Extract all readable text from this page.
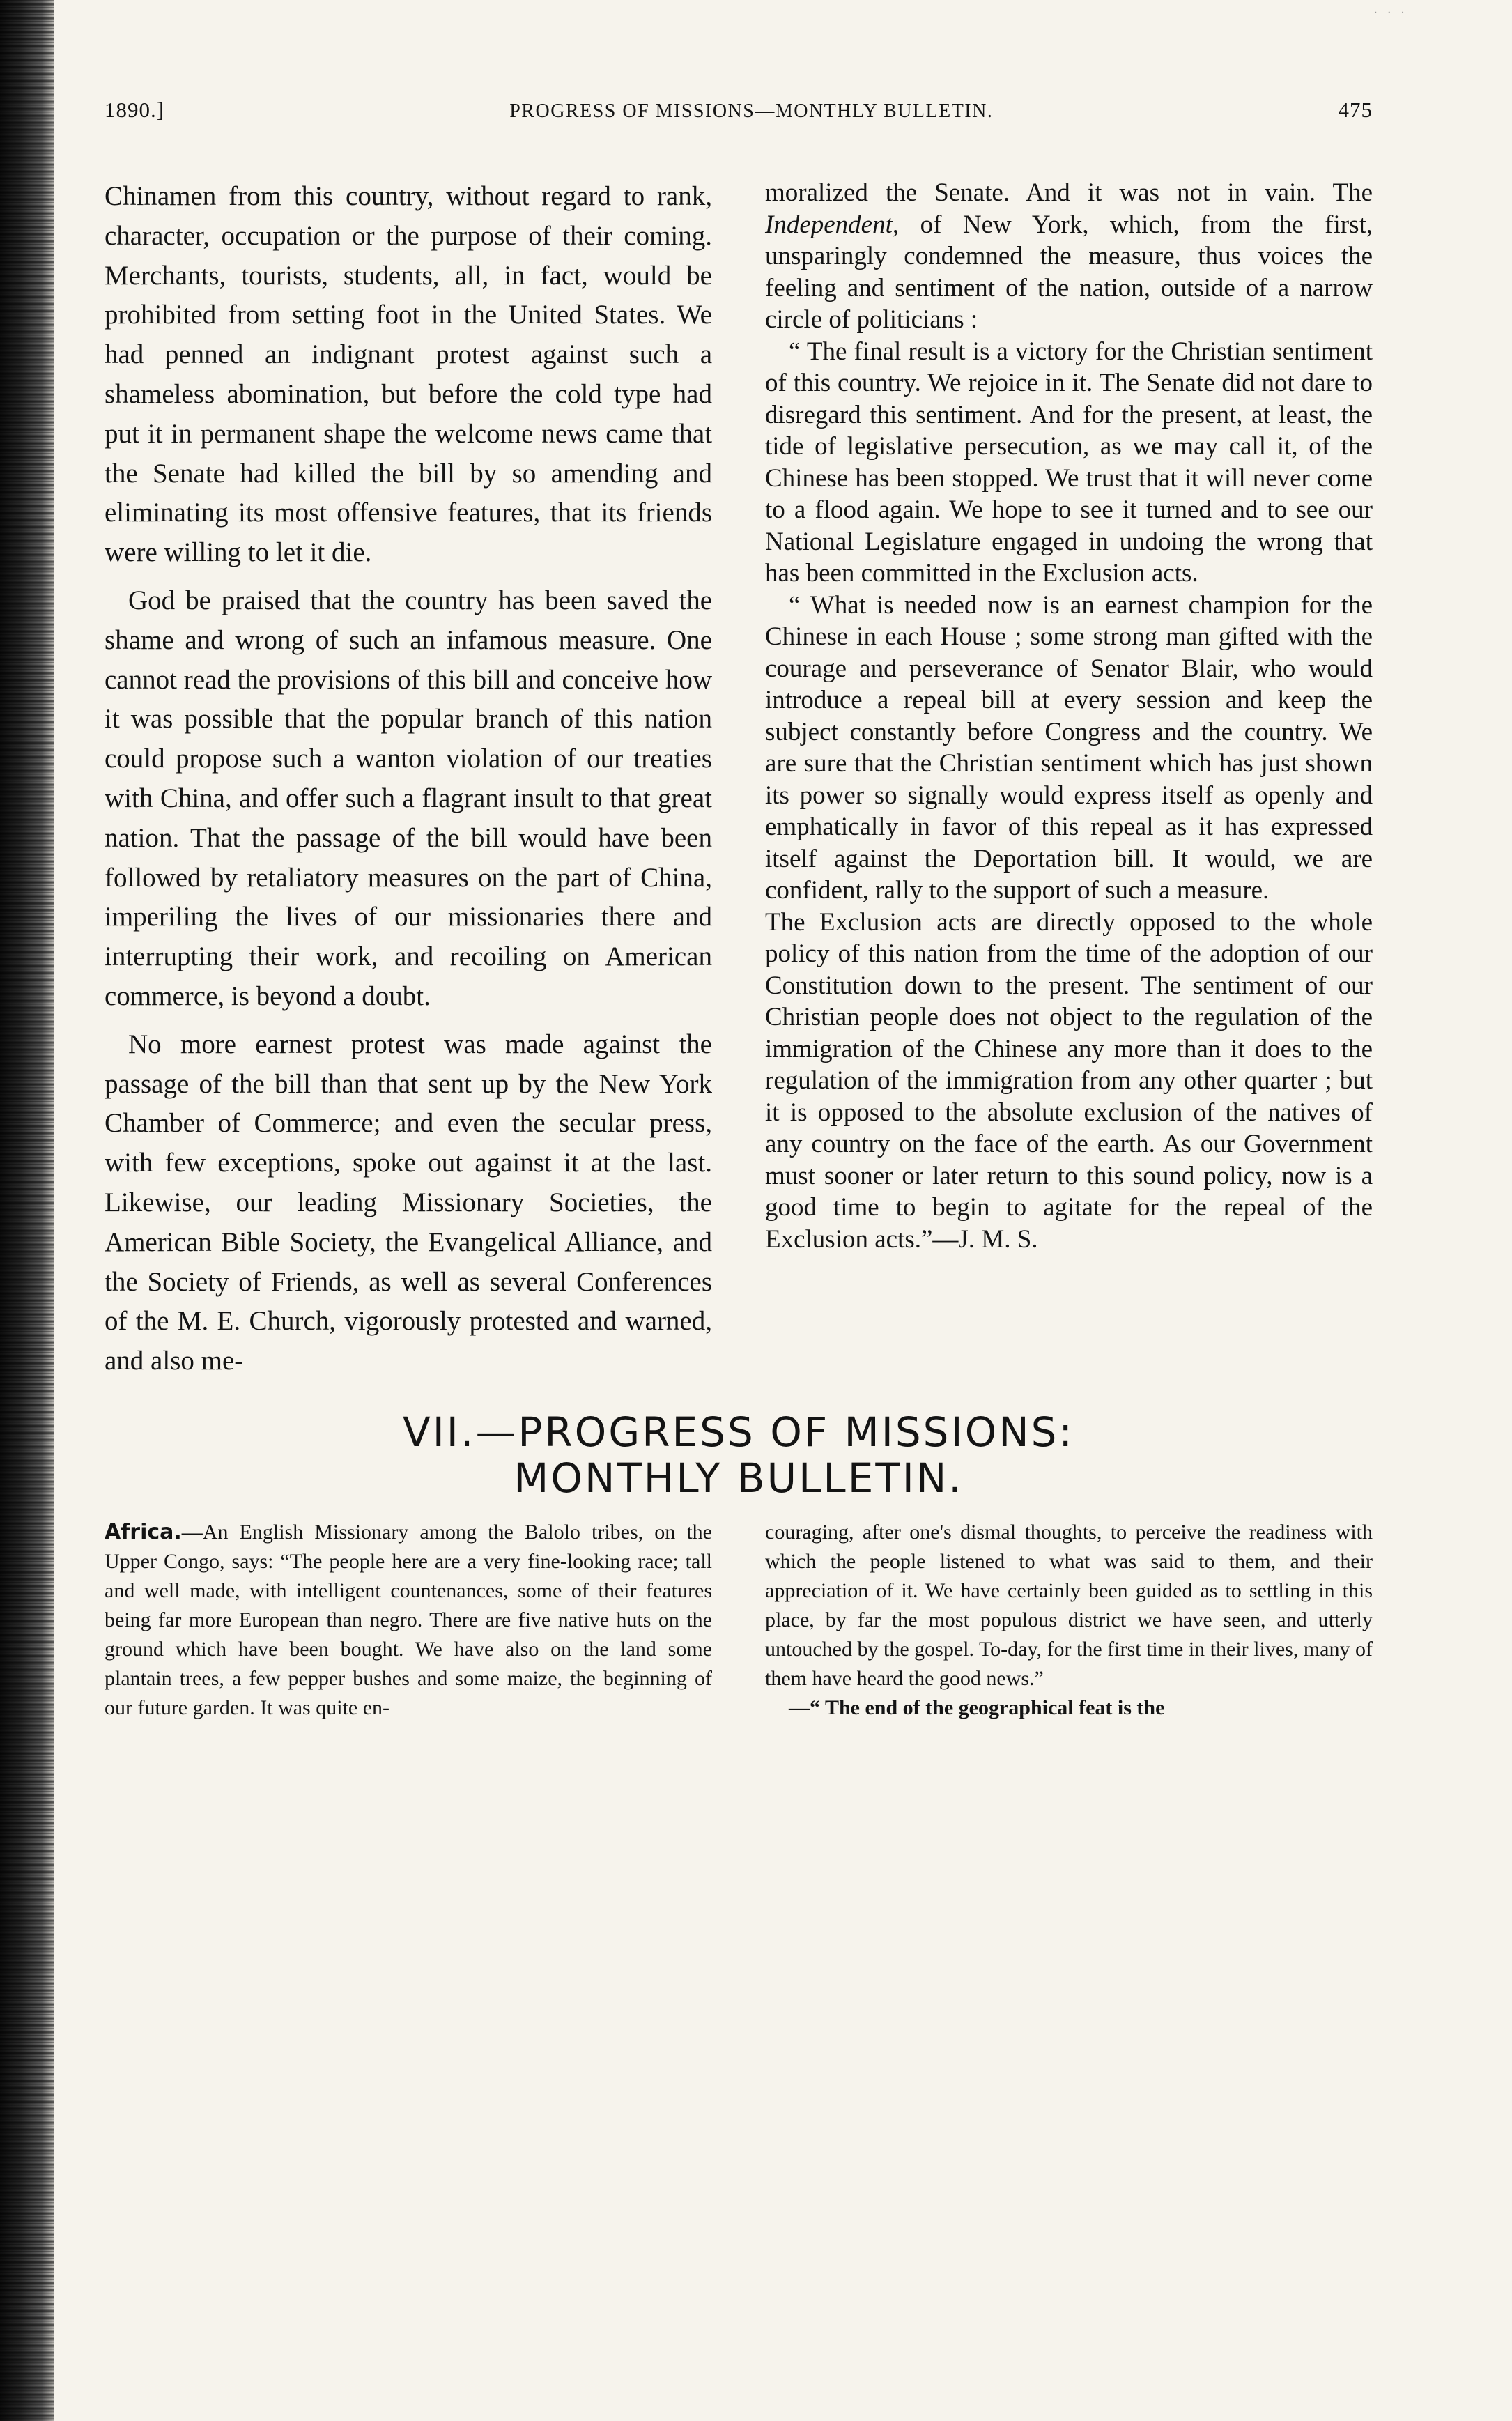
· · ·
1890.]	PROGRESS OF MISSIONS—MONTHLY BULLETIN.	475

Chinamen from this country, without regard to rank, character, occupation or the purpose of their coming. Merchants, tourists, students, all, in fact, would be prohibited from setting foot in the United States. We had penned an indignant protest against such a shameless abomination, but before the cold type had put it in permanent shape the welcome news came that the Senate had killed the bill by so amending and eliminating its most offensive features, that its friends were willing to let it die.

God be praised that the country has been saved the shame and wrong of such an infamous measure. One cannot read the provisions of this bill and conceive how it was possible that the popular branch of this nation could propose such a wanton violation of our treaties with China, and offer such a flagrant insult to that great nation. That the passage of the bill would have been followed by retaliatory measures on the part of China, imperiling the lives of our missionaries there and interrupting their work, and recoiling on American commerce, is beyond a doubt.

No more earnest protest was made against the passage of the bill than that sent up by the New York Chamber of Commerce; and even the secular press, with few exceptions, spoke out against it at the last. Likewise, our leading Missionary Societies, the American Bible Society, the Evangelical Alliance, and the Society of Friends, as well as several Conferences of the M. E. Church, vigorously protested and warned, and also me-

moralized the Senate. And it was not in vain. The Independent, of New York, which, from the first, unsparingly condemned the measure, thus voices the feeling and sentiment of the nation, outside of a narrow circle of politicians :

“ The final result is a victory for the Christian sentiment of this country. We rejoice in it. The Senate did not dare to disregard this sentiment. And for the present, at least, the tide of legislative persecution, as we may call it, of the Chinese has been stopped. We trust that it will never come to a flood again. We hope to see it turned and to see our National Legislature engaged in undoing the wrong that has been committed in the Exclusion acts.

“ What is needed now is an earnest champion for the Chinese in each House ; some strong man gifted with the courage and perseverance of Senator Blair, who would introduce a repeal bill at every session and keep the subject constantly before Congress and the country. We are sure that the Christian sentiment which has just shown its power so signally would express itself as openly and emphatically in favor of this repeal as it has expressed itself against the Deportation bill. It would, we are confident, rally to the support of such a measure.

The Exclusion acts are directly opposed to the whole policy of this nation from the time of the adoption of our Constitution down to the present. The sentiment of our Christian people does not object to the regulation of the immigration of the Chinese any more than it does to the regulation of the immigration from any other quarter ; but it is opposed to the absolute exclusion of the natives of any country on the face of the earth. As our Government must sooner or later return to this sound policy, now is a good time to begin to agitate for the repeal of the Exclusion acts.”—J. M. S.

VII.—PROGRESS OF MISSIONS:
MONTHLY BULLETIN.

Africa.—An English Missionary among the Balolo tribes, on the Upper Congo, says: “The people here are a very fine-looking race; tall and well made, with intelligent countenances, some of their features being far more European than negro. There are five native huts on the ground which have been bought. We have also on the land some plantain trees, a few pepper bushes and some maize, the beginning of our future garden. It was quite en-

couraging, after one's dismal thoughts, to perceive the readiness with which the people listened to what was said to them, and their appreciation of it. We have certainly been guided as to settling in this place, by far the most populous district we have seen, and utterly untouched by the gospel. To-day, for the first time in their lives, many of them have heard the good news.”

—“ The end of the geographical feat is the
